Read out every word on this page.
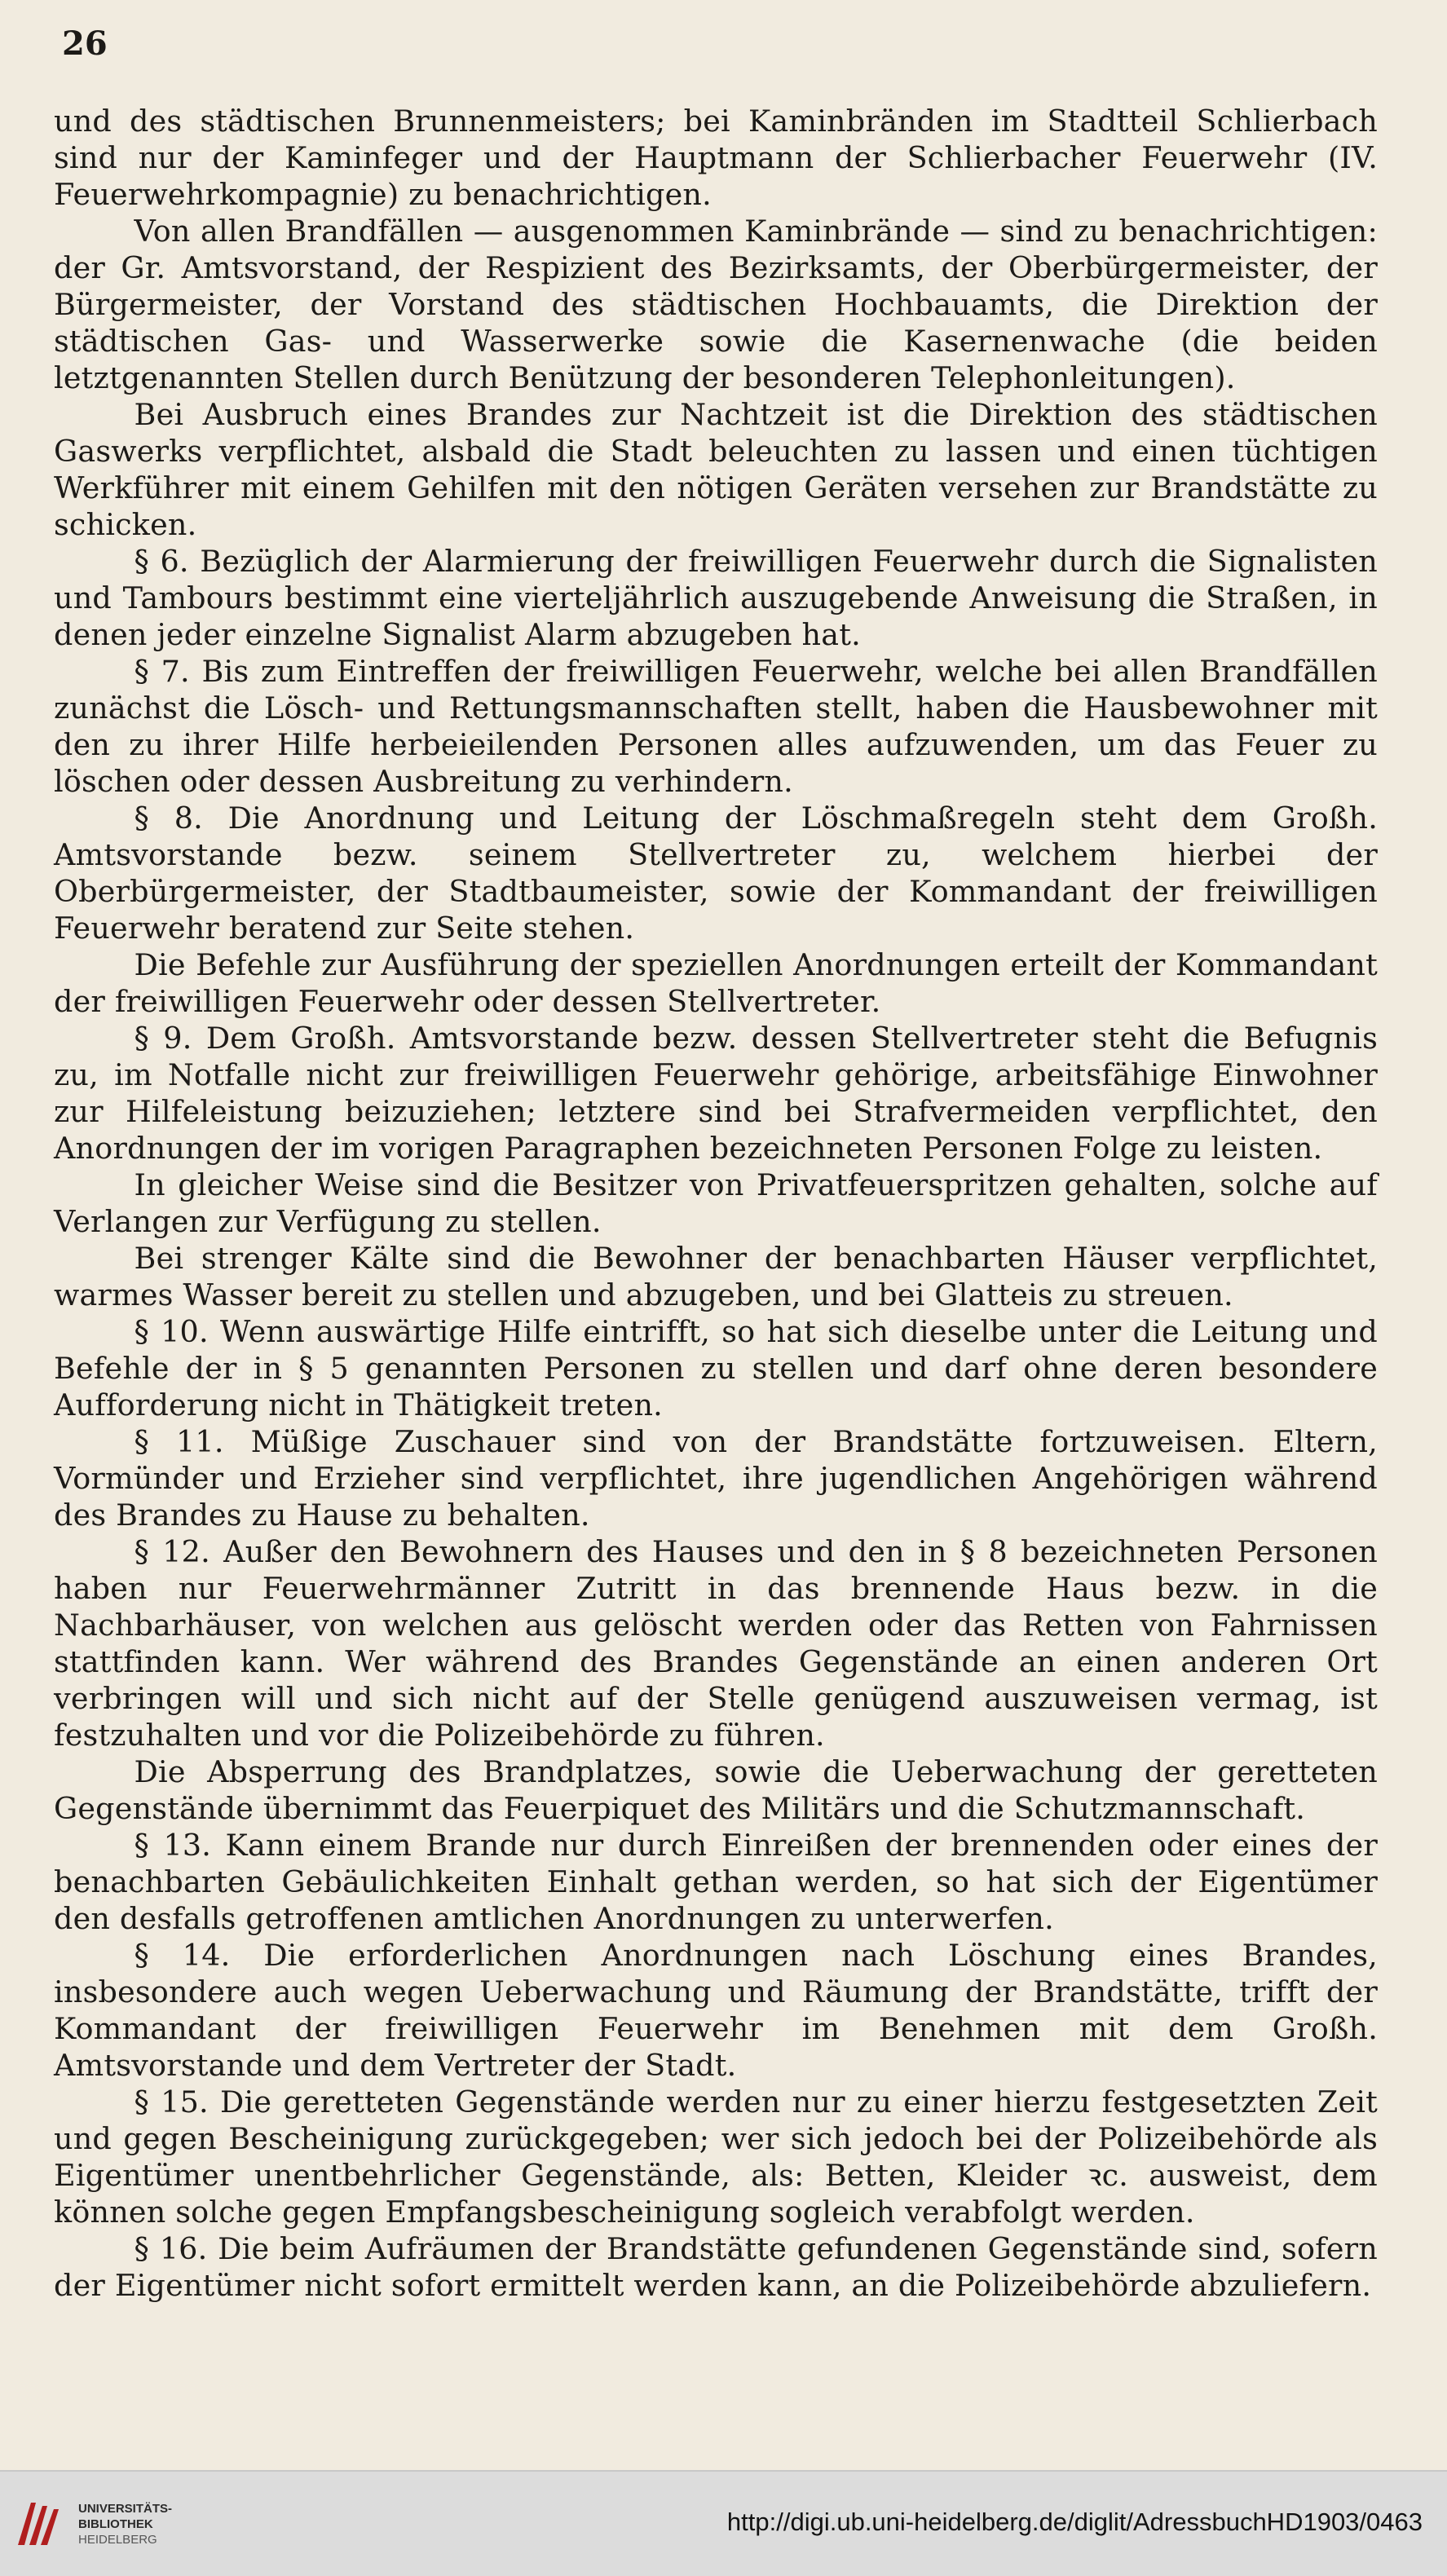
26

und des städtischen Brunnenmeisters; bei Kaminbränden im Stadtteil Schlierbach sind nur der Kaminfeger und der Hauptmann der Schlierbacher Feuerwehr (IV. Feuerwehrkompagnie) zu benachrichtigen.

Von allen Brandfällen — ausgenommen Kaminbrände — sind zu benachrichtigen: der Gr. Amtsvorstand, der Respizient des Bezirksamts, der Oberbürgermeister, der Bürgermeister, der Vorstand des städtischen Hochbauamts, die Direktion der städtischen Gas- und Wasserwerke sowie die Kasernenwache (die beiden letztgenannten Stellen durch Benützung der besonderen Telephonleitungen).

Bei Ausbruch eines Brandes zur Nachtzeit ist die Direktion des städtischen Gaswerks verpflichtet, alsbald die Stadt beleuchten zu lassen und einen tüchtigen Werkführer mit einem Gehilfen mit den nötigen Geräten versehen zur Brandstätte zu schicken.

§ 6. Bezüglich der Alarmierung der freiwilligen Feuerwehr durch die Signalisten und Tambours bestimmt eine vierteljährlich auszugebende Anweisung die Straßen, in denen jeder einzelne Signalist Alarm abzugeben hat.

§ 7. Bis zum Eintreffen der freiwilligen Feuerwehr, welche bei allen Brandfällen zunächst die Lösch- und Rettungsmannschaften stellt, haben die Hausbewohner mit den zu ihrer Hilfe herbeieilenden Personen alles aufzuwenden, um das Feuer zu löschen oder dessen Ausbreitung zu verhindern.

§ 8. Die Anordnung und Leitung der Löschmaßregeln steht dem Großh. Amtsvorstande bezw. seinem Stellvertreter zu, welchem hierbei der Oberbürgermeister, der Stadtbaumeister, sowie der Kommandant der freiwilligen Feuerwehr beratend zur Seite stehen.

Die Befehle zur Ausführung der speziellen Anordnungen erteilt der Kommandant der freiwilligen Feuerwehr oder dessen Stellvertreter.

§ 9. Dem Großh. Amtsvorstande bezw. dessen Stellvertreter steht die Befugnis zu, im Notfalle nicht zur freiwilligen Feuerwehr gehörige, arbeitsfähige Einwohner zur Hilfeleistung beizuziehen; letztere sind bei Strafvermeiden verpflichtet, den Anordnungen der im vorigen Paragraphen bezeichneten Personen Folge zu leisten.

In gleicher Weise sind die Besitzer von Privatfeuerspritzen gehalten, solche auf Verlangen zur Verfügung zu stellen.

Bei strenger Kälte sind die Bewohner der benachbarten Häuser verpflichtet, warmes Wasser bereit zu stellen und abzugeben, und bei Glatteis zu streuen.

§ 10. Wenn auswärtige Hilfe eintrifft, so hat sich dieselbe unter die Leitung und Befehle der in § 5 genannten Personen zu stellen und darf ohne deren besondere Aufforderung nicht in Thätigkeit treten.

§ 11. Müßige Zuschauer sind von der Brandstätte fortzuweisen. Eltern, Vormünder und Erzieher sind verpflichtet, ihre jugendlichen Angehörigen während des Brandes zu Hause zu behalten.

§ 12. Außer den Bewohnern des Hauses und den in § 8 bezeichneten Personen haben nur Feuerwehrmänner Zutritt in das brennende Haus bezw. in die Nachbarhäuser, von welchen aus gelöscht werden oder das Retten von Fahrnissen stattfinden kann. Wer während des Brandes Gegenstände an einen anderen Ort verbringen will und sich nicht auf der Stelle genügend auszuweisen vermag, ist festzuhalten und vor die Polizeibehörde zu führen.

Die Absperrung des Brandplatzes, sowie die Ueberwachung der geretteten Gegenstände übernimmt das Feuerpiquet des Militärs und die Schutzmannschaft.

§ 13. Kann einem Brande nur durch Einreißen der brennenden oder eines der benachbarten Gebäulichkeiten Einhalt gethan werden, so hat sich der Eigentümer den desfalls getroffenen amtlichen Anordnungen zu unterwerfen.

§ 14. Die erforderlichen Anordnungen nach Löschung eines Brandes, insbesondere auch wegen Ueberwachung und Räumung der Brandstätte, trifft der Kommandant der freiwilligen Feuerwehr im Benehmen mit dem Großh. Amtsvorstande und dem Vertreter der Stadt.

§ 15. Die geretteten Gegenstände werden nur zu einer hierzu festgesetzten Zeit und gegen Bescheinigung zurückgegeben; wer sich jedoch bei der Polizeibehörde als Eigentümer unentbehrlicher Gegenstände, als: Betten, Kleider ꝛc. ausweist, dem können solche gegen Empfangsbescheinigung sogleich verabfolgt werden.

§ 16. Die beim Aufräumen der Brandstätte gefundenen Gegenstände sind, sofern der Eigentümer nicht sofort ermittelt werden kann, an die Polizeibehörde abzuliefern.

UNIVERSITÄTS-
BIBLIOTHEK
HEIDELBERG
http://digi.ub.uni-heidelberg.de/diglit/AdressbuchHD1903/0463
